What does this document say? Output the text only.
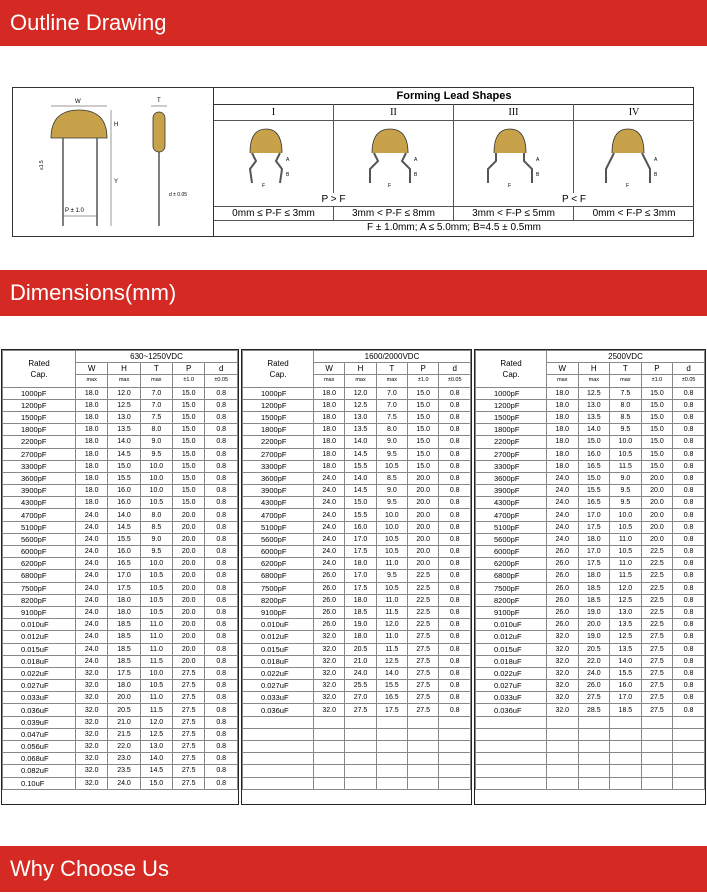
Outline Drawing
W
H
Y
P ± 1.0
≤1.5
T
d ± 0.05
Forming Lead Shapes
I	II	III	IV
F
A
B
F
A
B
F
A
B
F
A
B
P > F	P < F
0mm ≤ P-F ≤ 3mm	3mm < P-F ≤ 8mm	3mm < F-P ≤ 5mm	0mm < F-P ≤ 3mm
F ± 1.0mm; A ≤ 5.0mm; B=4.5 ± 0.5mm
Dimensions(mm)
Rated
Cap.	630~1250VDC				
	W	H	T	P	d
	max	max	max	±1.0	±0.05
1000pF	18.0	12.0	7.0	15.0	0.8
1200pF	18.0	12.5	7.0	15.0	0.8
1500pF	18.0	13.0	7.5	15.0	0.8
1800pF	18.0	13.5	8.0	15.0	0.8
2200pF	18.0	14.0	9.0	15.0	0.8
2700pF	18.0	14.5	9.5	15.0	0.8
3300pF	18.0	15.0	10.0	15.0	0.8
3600pF	18.0	15.5	10.0	15.0	0.8
3900pF	18.0	16.0	10.0	15.0	0.8
4300pF	18.0	16.0	10.5	15.0	0.8
4700pF	24.0	14.0	8.0	20.0	0.8
5100pF	24.0	14.5	8.5	20.0	0.8
5600pF	24.0	15.5	9.0	20.0	0.8
6000pF	24.0	16.0	9.5	20.0	0.8
6200pF	24.0	16.5	10.0	20.0	0.8
6800pF	24.0	17.0	10.5	20.0	0.8
7500pF	24.0	17.5	10.5	20.0	0.8
8200pF	24.0	18.0	10.5	20.0	0.8
9100pF	24.0	18.0	10.5	20.0	0.8
0.010uF	24.0	18.5	11.0	20.0	0.8
0.012uF	24.0	18.5	11.0	20.0	0.8
0.015uF	24.0	18.5	11.0	20.0	0.8
0.018uF	24.0	18.5	11.5	20.0	0.8
0.022uF	32.0	17.5	10.0	27.5	0.8
0.027uF	32.0	18.0	10.5	27.5	0.8
0.033uF	32.0	20.0	11.0	27.5	0.8
0.036uF	32.0	20.5	11.5	27.5	0.8
0.039uF	32.0	21.0	12.0	27.5	0.8
0.047uF	32.0	21.5	12.5	27.5	0.8
0.056uF	32.0	22.0	13.0	27.5	0.8
0.068uF	32.0	23.0	14.0	27.5	0.8
0.082uF	32.0	23.5	14.5	27.5	0.8
0.10uF	32.0	24.0	15.0	27.5	0.8
Rated
Cap.	1600/2000VDC				
	W	H	T	P	d
	max	max	max	±1.0	±0.05
1000pF	18.0	12.0	7.0	15.0	0.8
1200pF	18.0	12.5	7.0	15.0	0.8
1500pF	18.0	13.0	7.5	15.0	0.8
1800pF	18.0	13.5	8.0	15.0	0.8
2200pF	18.0	14.0	9.0	15.0	0.8
2700pF	18.0	14.5	9.5	15.0	0.8
3300pF	18.0	15.5	10.5	15.0	0.8
3600pF	24.0	14.0	8.5	20.0	0.8
3900pF	24.0	14.5	9.0	20.0	0.8
4300pF	24.0	15.0	9.5	20.0	0.8
4700pF	24.0	15.5	10.0	20.0	0.8
5100pF	24.0	16.0	10.0	20.0	0.8
5600pF	24.0	17.0	10.5	20.0	0.8
6000pF	24.0	17.5	10.5	20.0	0.8
6200pF	24.0	18.0	11.0	20.0	0.8
6800pF	26.0	17.0	9.5	22.5	0.8
7500pF	26.0	17.5	10.5	22.5	0.8
8200pF	26.0	18.0	11.0	22.5	0.8
9100pF	26.0	18.5	11.5	22.5	0.8
0.010uF	26.0	19.0	12.0	22.5	0.8
0.012uF	32.0	18.0	11.0	27.5	0.8
0.015uF	32.0	20.5	11.5	27.5	0.8
0.018uF	32.0	21.0	12.5	27.5	0.8
0.022uF	32.0	24.0	14.0	27.5	0.8
0.027uF	32.0	25.5	15.5	27.5	0.8
0.033uF	32.0	27.0	16.5	27.5	0.8
0.036uF	32.0	27.5	17.5	27.5	0.8

Rated
Cap.	2500VDC				
	W	H	T	P	d
	max	max	max	±1.0	±0.05
1000pF	18.0	12.5	7.5	15.0	0.8
1200pF	18.0	13.0	8.0	15.0	0.8
1500pF	18.0	13.5	8.5	15.0	0.8
1800pF	18.0	14.0	9.5	15.0	0.8
2200pF	18.0	15.0	10.0	15.0	0.8
2700pF	18.0	16.0	10.5	15.0	0.8
3300pF	18.0	16.5	11.5	15.0	0.8
3600pF	24.0	15.0	9.0	20.0	0.8
3900pF	24.0	15.5	9.5	20.0	0.8
4300pF	24.0	16.5	9.5	20.0	0.8
4700pF	24.0	17.0	10.0	20.0	0.8
5100pF	24.0	17.5	10.5	20.0	0.8
5600pF	24.0	18.0	11.0	20.0	0.8
6000pF	26.0	17.0	10.5	22.5	0.8
6200pF	26.0	17.5	11.0	22.5	0.8
6800pF	26.0	18.0	11.5	22.5	0.8
7500pF	26.0	18.5	12.0	22.5	0.8
8200pF	26.0	18.5	12.5	22.5	0.8
9100pF	26.0	19.0	13.0	22.5	0.8
0.010uF	26.0	20.0	13.5	22.5	0.8
0.012uF	32.0	19.0	12.5	27.5	0.8
0.015uF	32.0	20.5	13.5	27.5	0.8
0.018uF	32.0	22.0	14.0	27.5	0.8
0.022uF	32.0	24.0	15.5	27.5	0.8
0.027uF	32.0	26.0	16.0	27.5	0.8
0.033uF	32.0	27.5	17.0	27.5	0.8
0.036uF	32.0	28.5	18.5	27.5	0.8

Why Choose Us
